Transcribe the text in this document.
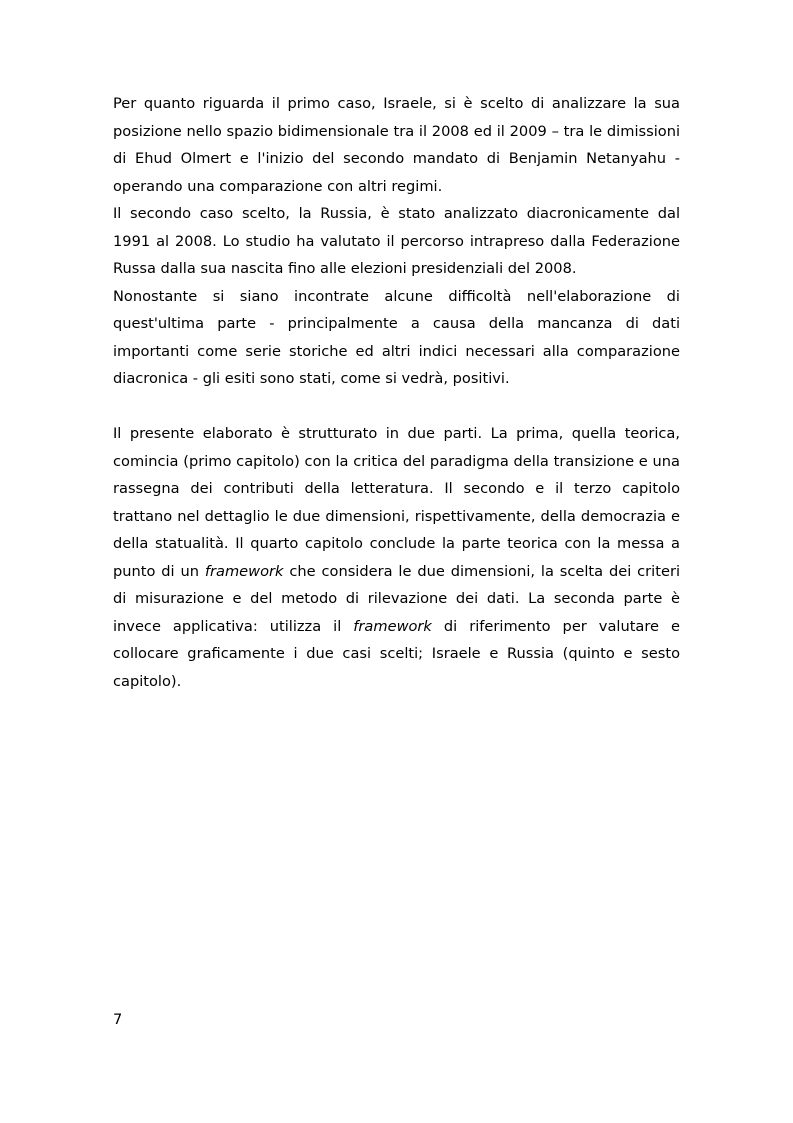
Per quanto riguarda il primo caso, Israele, si è scelto di analizzare la sua posizione nello spazio bidimensionale tra il 2008 ed il 2009 – tra le dimissioni di Ehud Olmert e l'inizio del secondo mandato di Benjamin Netanyahu - operando una comparazione con altri regimi.

Il secondo caso scelto, la Russia, è stato analizzato diacronicamente dal 1991 al 2008. Lo studio ha valutato il percorso intrapreso dalla Federazione Russa dalla sua nascita fino alle elezioni presidenziali del 2008.

Nonostante si siano incontrate alcune difficoltà nell'elaborazione di quest'ultima parte - principalmente a causa della mancanza di dati importanti come serie storiche ed altri indici necessari alla comparazione diacronica - gli esiti sono stati, come si vedrà, positivi.

Il presente elaborato è strutturato in due parti. La prima, quella teorica, comincia (primo capitolo) con la critica del paradigma della transizione e una rassegna dei contributi della letteratura. Il secondo e il terzo capitolo trattano nel dettaglio le due dimensioni, rispettivamente, della democrazia e della statualità. Il quarto capitolo conclude la parte teorica con la messa a punto di un framework che considera le due dimensioni, la scelta dei criteri di misurazione e del metodo di rilevazione dei dati. La seconda parte è invece applicativa: utilizza il framework di riferimento per valutare e collocare graficamente i due casi scelti; Israele e Russia (quinto e sesto capitolo).

7
